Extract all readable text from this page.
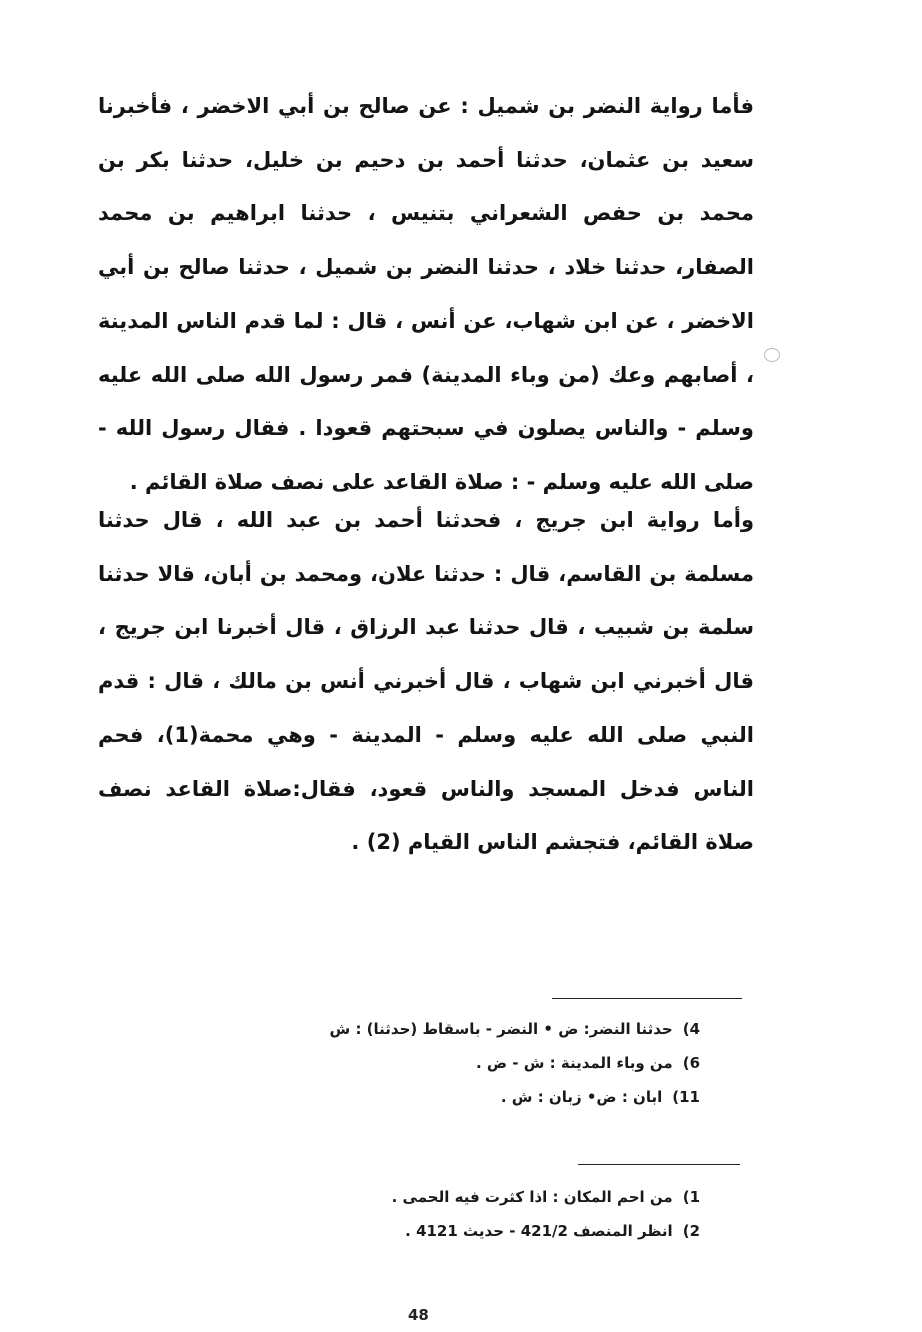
فأما رواية النضر بن شميل : عن صالح بن أبي الاخضر ، فأخبرنا سعيد بن عثمان، حدثنا أحمد بن دحيم بن خليل، حدثنا بكر بن محمد بن حفص الشعراني بتنيس ، حدثنا ابراهيم بن محمد الصفار، حدثنا خلاد ، حدثنا النضر بن شميل ، حدثنا صالح بن أبي الاخضر ، عن ابن شهاب، عن أنس ، قال : لما قدم الناس المدينة ، أصابهم وعك (من وباء المدينة) فمر رسول الله صلى الله عليه وسلم - والناس يصلون في سبحتهم قعودا . فقال رسول الله - صلى الله عليه وسلم - : صلاة القاعد على نصف صلاة القائم .
وأما رواية ابن جريج ، فحدثنا أحمد بن عبد الله ، قال حدثنا مسلمة بن القاسم، قال : حدثنا علان، ومحمد بن أبان، قالا حدثنا سلمة بن شبيب ، قال حدثنا عبد الرزاق ، قال أخبرنا ابن جريج ، قال أخبرني ابن شهاب ، قال أخبرني أنس بن مالك ، قال : قدم النبي صلى الله عليه وسلم - المدينة - وهي محمة(1)، فحم الناس فدخل المسجد والناس قعود، فقال:صلاة القاعد نصف صلاة القائم، فتجشم الناس القيام (2) .
4)حدثنا النضر: ض • النضر - باسقاط (حدثنا) : ش
6)من وباء المدينة : ش - ض .
11)ابان : ض• زبان : ش .
1)من احم المكان : اذا كثرت فيه الحمى .
2)انظر المنصف 421/2 - حديث 4121 .
48
